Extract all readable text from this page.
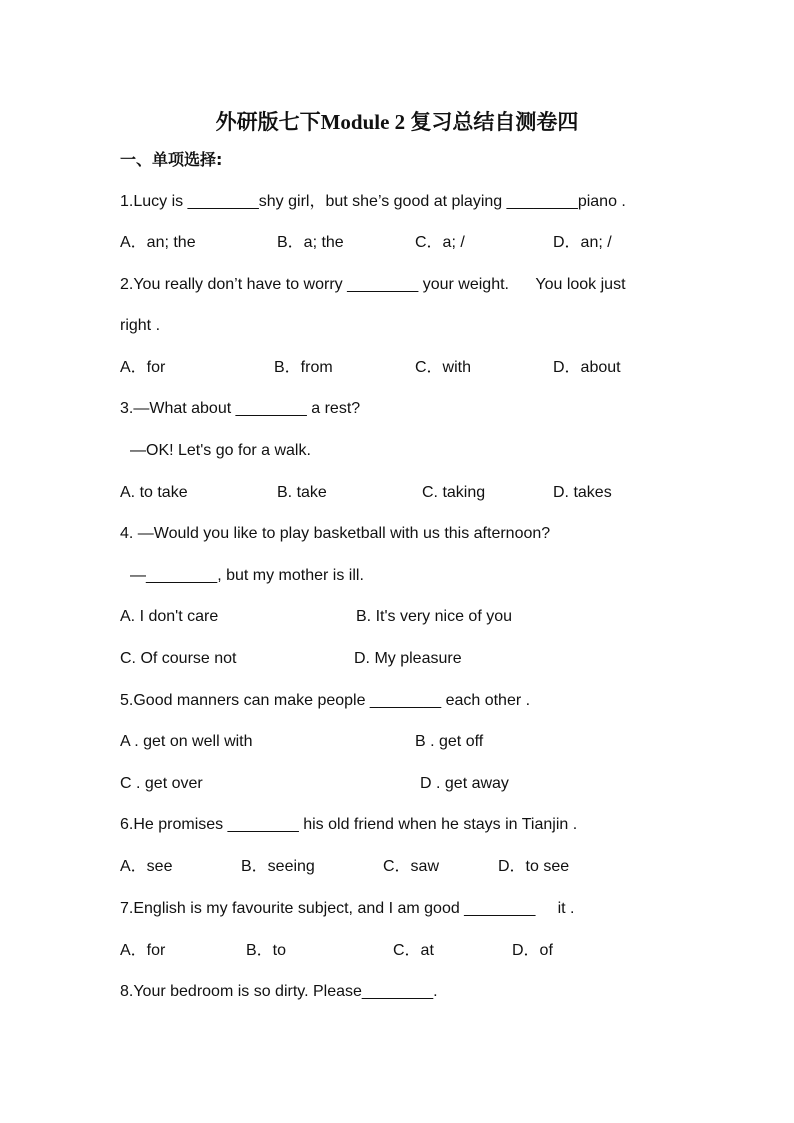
外研版七下Module 2 复习总结自测卷四
一、单项选择:
1.Lucy is ________shy girl，but she’s good at playing ________piano .
A．an; the	B．a; the	C．a; /	D．an; /
2.You really don’t have to worry ________ your weight.      You look just
right .
A．for	B．from	C．with	D．about
3.—What about ________ a rest?
—OK! Let's go for a walk.
A. to take	B. take	C. taking	D. takes
4. —Would you like to play basketball with us this afternoon?
—________, but my mother is ill.
A. I don't care	B. It's very nice of you
C. Of course not	D. My pleasure
5.Good manners can make people ________ each other .
A . get on well with	B . get off
C . get over	D . get away
6.He promises ________ his old friend when he stays in Tianjin .
A．see	B．seeing	C．saw	D．to see
7.English is my favourite subject, and I am good ________     it .
A．for	B．to	C．at	D．of
8.Your bedroom is so dirty. Please________.
